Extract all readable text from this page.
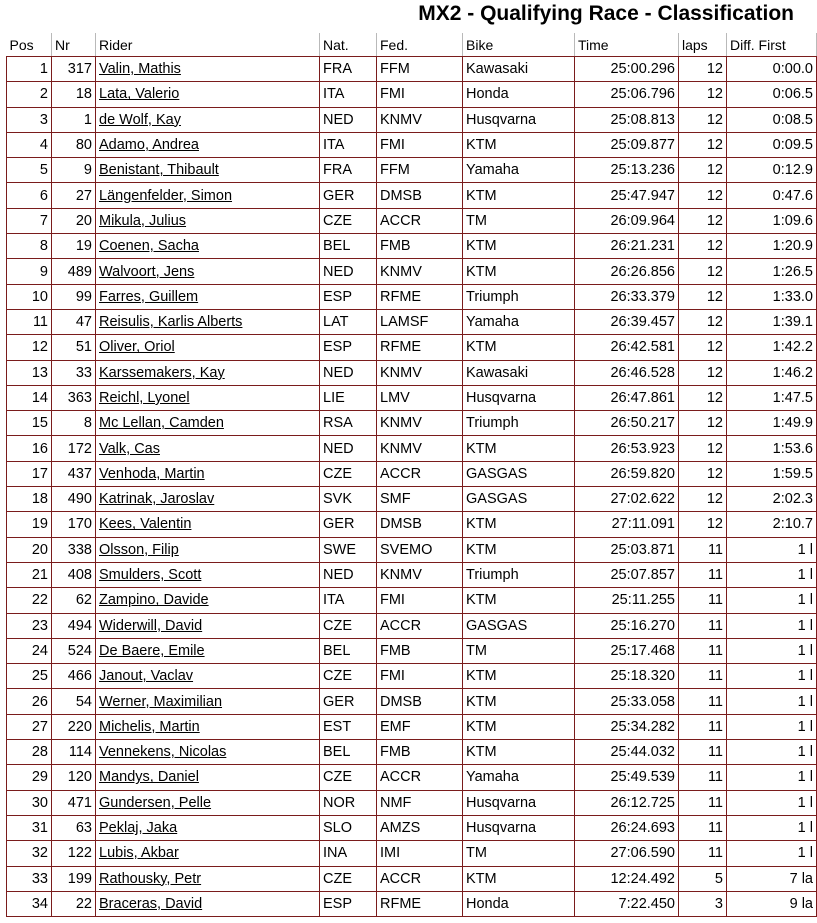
MX2 - Qualifying Race - Classification
Pos	Nr	Rider	Nat.	Fed.	Bike	Time	laps	Diff. First
1	317	Valin, Mathis	FRA	FFM	Kawasaki	25:00.296	12	0:00.0
2	18	Lata, Valerio	ITA	FMI	Honda	25:06.796	12	0:06.5
3	1	de Wolf, Kay	NED	KNMV	Husqvarna	25:08.813	12	0:08.5
4	80	Adamo, Andrea	ITA	FMI	KTM	25:09.877	12	0:09.5
5	9	Benistant, Thibault	FRA	FFM	Yamaha	25:13.236	12	0:12.9
6	27	Längenfelder, Simon	GER	DMSB	KTM	25:47.947	12	0:47.6
7	20	Mikula, Julius	CZE	ACCR	TM	26:09.964	12	1:09.6
8	19	Coenen, Sacha	BEL	FMB	KTM	26:21.231	12	1:20.9
9	489	Walvoort, Jens	NED	KNMV	KTM	26:26.856	12	1:26.5
10	99	Farres, Guillem	ESP	RFME	Triumph	26:33.379	12	1:33.0
11	47	Reisulis, Karlis Alberts	LAT	LAMSF	Yamaha	26:39.457	12	1:39.1
12	51	Oliver, Oriol	ESP	RFME	KTM	26:42.581	12	1:42.2
13	33	Karssemakers, Kay	NED	KNMV	Kawasaki	26:46.528	12	1:46.2
14	363	Reichl, Lyonel	LIE	LMV	Husqvarna	26:47.861	12	1:47.5
15	8	Mc Lellan, Camden	RSA	KNMV	Triumph	26:50.217	12	1:49.9
16	172	Valk, Cas	NED	KNMV	KTM	26:53.923	12	1:53.6
17	437	Venhoda, Martin	CZE	ACCR	GASGAS	26:59.820	12	1:59.5
18	490	Katrinak, Jaroslav	SVK	SMF	GASGAS	27:02.622	12	2:02.3
19	170	Kees, Valentin	GER	DMSB	KTM	27:11.091	12	2:10.7
20	338	Olsson, Filip	SWE	SVEMO	KTM	25:03.871	11	1 l
21	408	Smulders, Scott	NED	KNMV	Triumph	25:07.857	11	1 l
22	62	Zampino, Davide	ITA	FMI	KTM	25:11.255	11	1 l
23	494	Widerwill, David	CZE	ACCR	GASGAS	25:16.270	11	1 l
24	524	De Baere, Emile	BEL	FMB	TM	25:17.468	11	1 l
25	466	Janout, Vaclav	CZE	FMI	KTM	25:18.320	11	1 l
26	54	Werner, Maximilian	GER	DMSB	KTM	25:33.058	11	1 l
27	220	Michelis, Martin	EST	EMF	KTM	25:34.282	11	1 l
28	114	Vennekens, Nicolas	BEL	FMB	KTM	25:44.032	11	1 l
29	120	Mandys, Daniel	CZE	ACCR	Yamaha	25:49.539	11	1 l
30	471	Gundersen, Pelle	NOR	NMF	Husqvarna	26:12.725	11	1 l
31	63	Peklaj, Jaka	SLO	AMZS	Husqvarna	26:24.693	11	1 l
32	122	Lubis, Akbar	INA	IMI	TM	27:06.590	11	1 l
33	199	Rathousky, Petr	CZE	ACCR	KTM	12:24.492	5	7 la
34	22	Braceras, David	ESP	RFME	Honda	7:22.450	3	9 la
